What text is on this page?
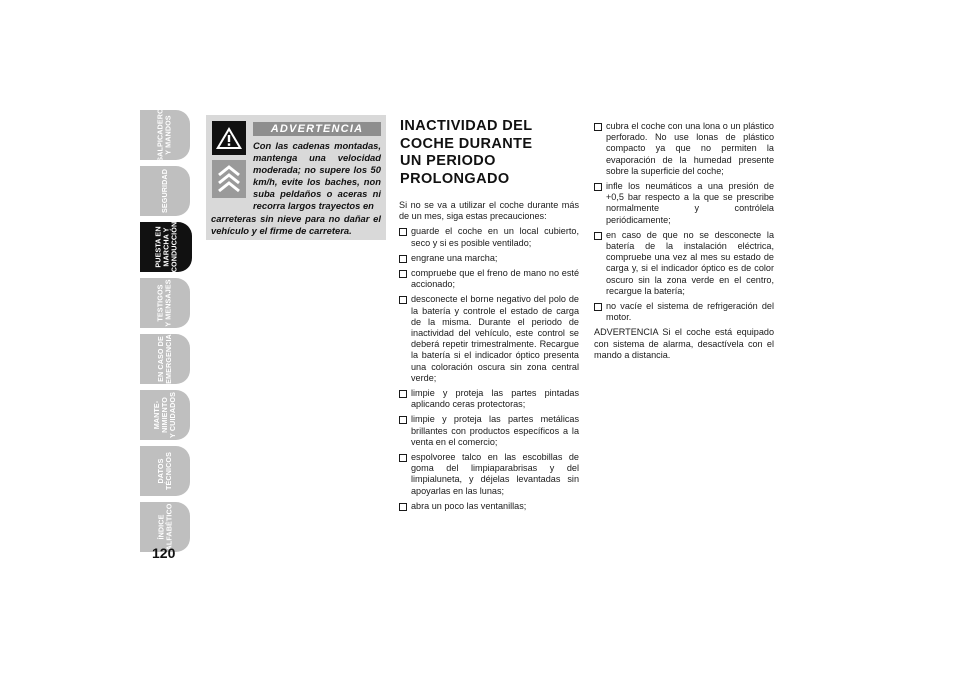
SALPICADERO
Y MANDOS
SEGURIDAD
PUESTA EN
MARCHA Y
CONDUCCIÓN
TESTIGOS
Y MENSAJES
EN CASO DE
EMERGENCIA
MANTE-
NIMIENTO
Y CUIDADOS
DATOS
TÉCNICOS
ÍNDICE
ALFABÉTICO
120
ADVERTENCIA
Con las cadenas montadas, mantenga una velocidad moderada; no supere los 50 km/h, evite los baches, non suba peldaños o aceras ni recorra largos trayectos en
carreteras sin nieve para no dañar el vehículo y el firme de carretera.
INACTIVIDAD DEL
COCHE DURANTE
UN PERIODO
PROLONGADO

Si no se va a utilizar el coche durante más de un mes, siga estas precauciones:

guarde el coche en un local cubierto, seco y si es posible ventilado;
engrane una marcha;
compruebe que el freno de mano no esté accionado;
desconecte el borne negativo del polo de la batería y controle el estado de carga de la misma. Durante el periodo de inactividad del vehículo, este control se deberá repetir trimestralmente. Recargue la batería si el indicador óptico presenta una coloración oscura sin zona central verde;
limpie y proteja las partes pintadas aplicando ceras protectoras;
limpie y proteja las partes metálicas brillantes con productos específicos a la venta en el comercio;
espolvoree talco en las escobillas de goma del limpiaparabrisas y del limpialuneta, y déjelas levantadas sin apoyarlas en las lunas;
abra un poco las ventanillas;
cubra el coche con una lona o un plástico perforado. No use lonas de plástico compacto ya que no permiten la evaporación de la humedad presente sobre la superficie del coche;
infle los neumáticos a una presión de +0,5 bar respecto a la que se prescribe normalmente y contrólela periódicamente;
en caso de que no se desconecte la batería de la instalación eléctrica, compruebe una vez al mes su estado de carga y, si el indicador óptico es de color oscuro sin la zona verde en el centro, recargue la batería;
no vacíe el sistema de refrigeración del motor.

ADVERTENCIA Si el coche está equipado con sistema de alarma, desactívela con el mando a distancia.
